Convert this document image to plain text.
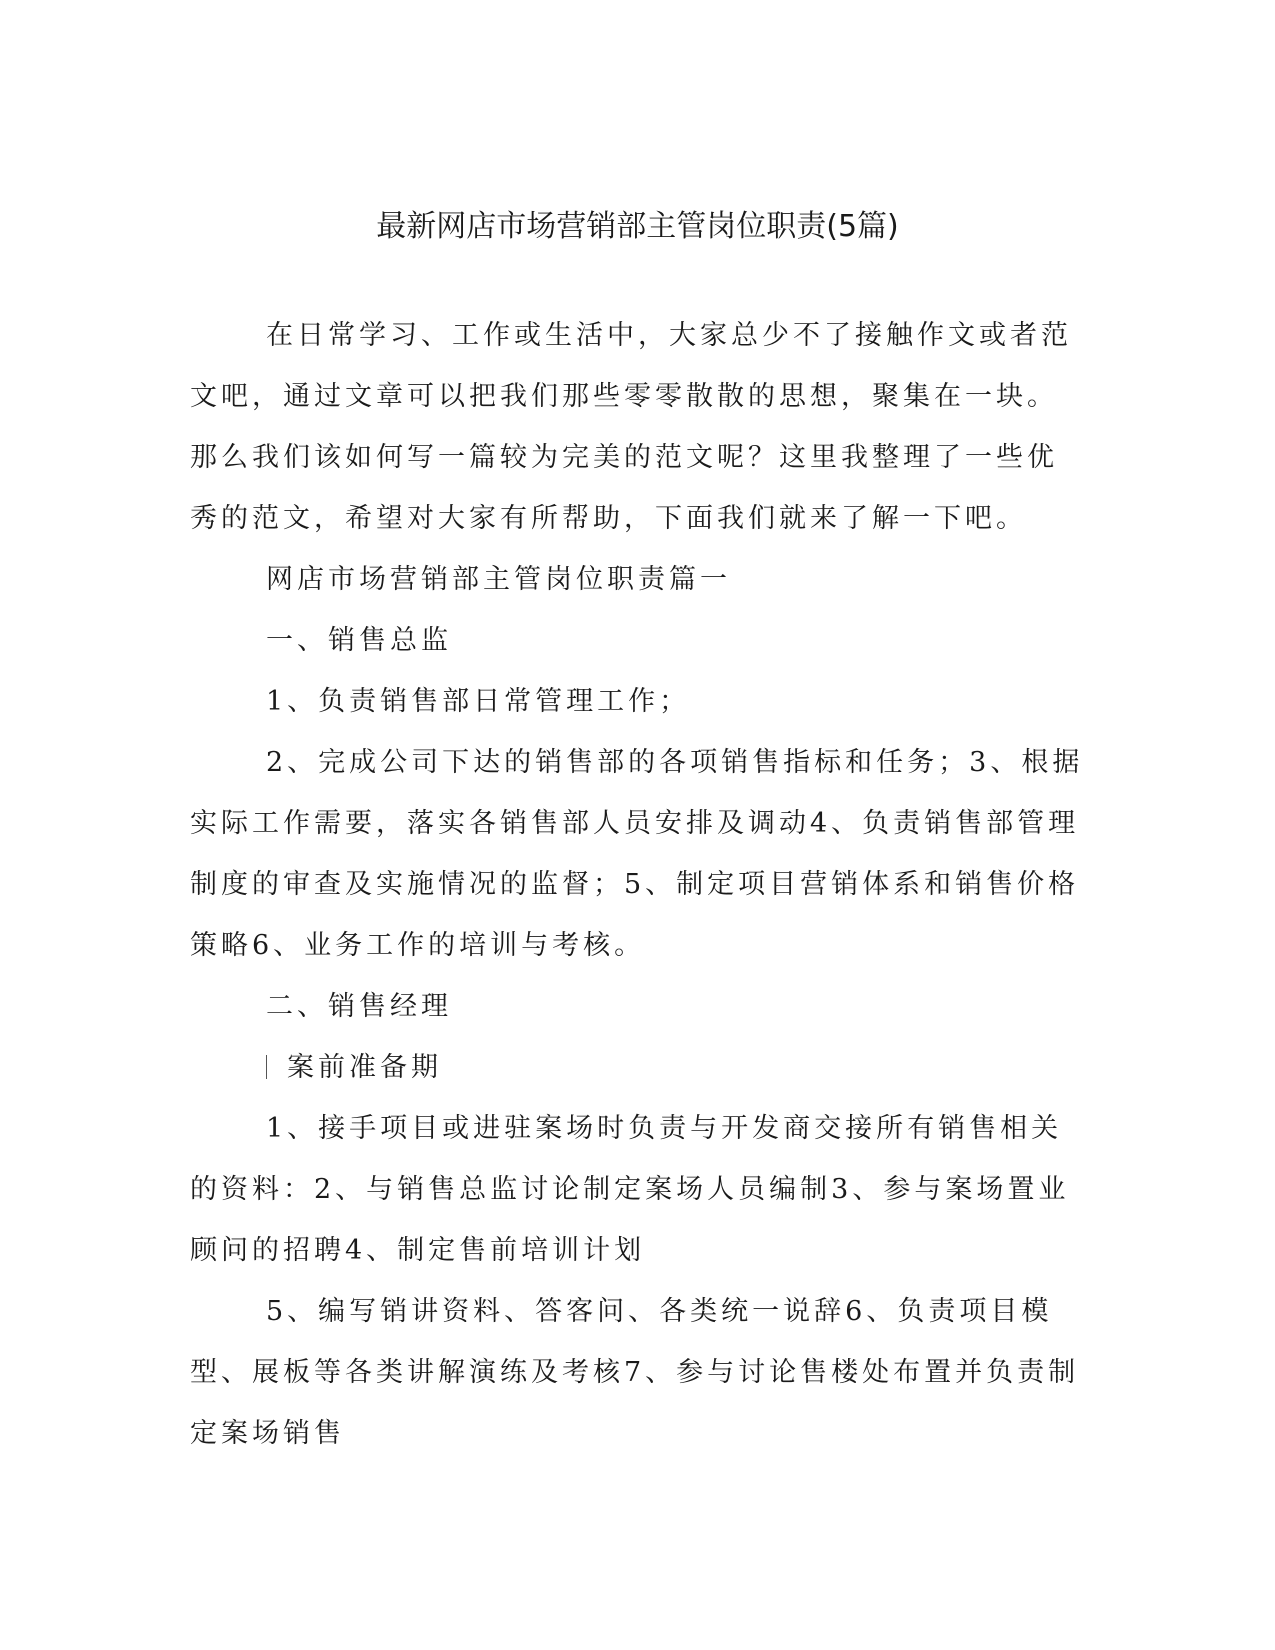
最新网店市场营销部主管岗位职责(5篇)

在日常学习、工作或生活中，大家总少不了接触作文或者范文吧，通过文章可以把我们那些零零散散的思想，聚集在一块。那么我们该如何写一篇较为完美的范文呢？这里我整理了一些优秀的范文，希望对大家有所帮助，下面我们就来了解一下吧。

网店市场营销部主管岗位职责篇一

一、销售总监

1、负责销售部日常管理工作；

2、完成公司下达的销售部的各项销售指标和任务；3、根据实际工作需要，落实各销售部人员安排及调动4、负责销售部管理制度的审查及实施情况的监督；5、制定项目营销体系和销售价格策略6、业务工作的培训与考核。

二、销售经理

案前准备期

1、接手项目或进驻案场时负责与开发商交接所有销售相关的资料：2、与销售总监讨论制定案场人员编制3、参与案场置业顾问的招聘4、制定售前培训计划

5、编写销讲资料、答客问、各类统一说辞6、负责项目模型、展板等各类讲解演练及考核7、参与讨论售楼处布置并负责制定案场销售
